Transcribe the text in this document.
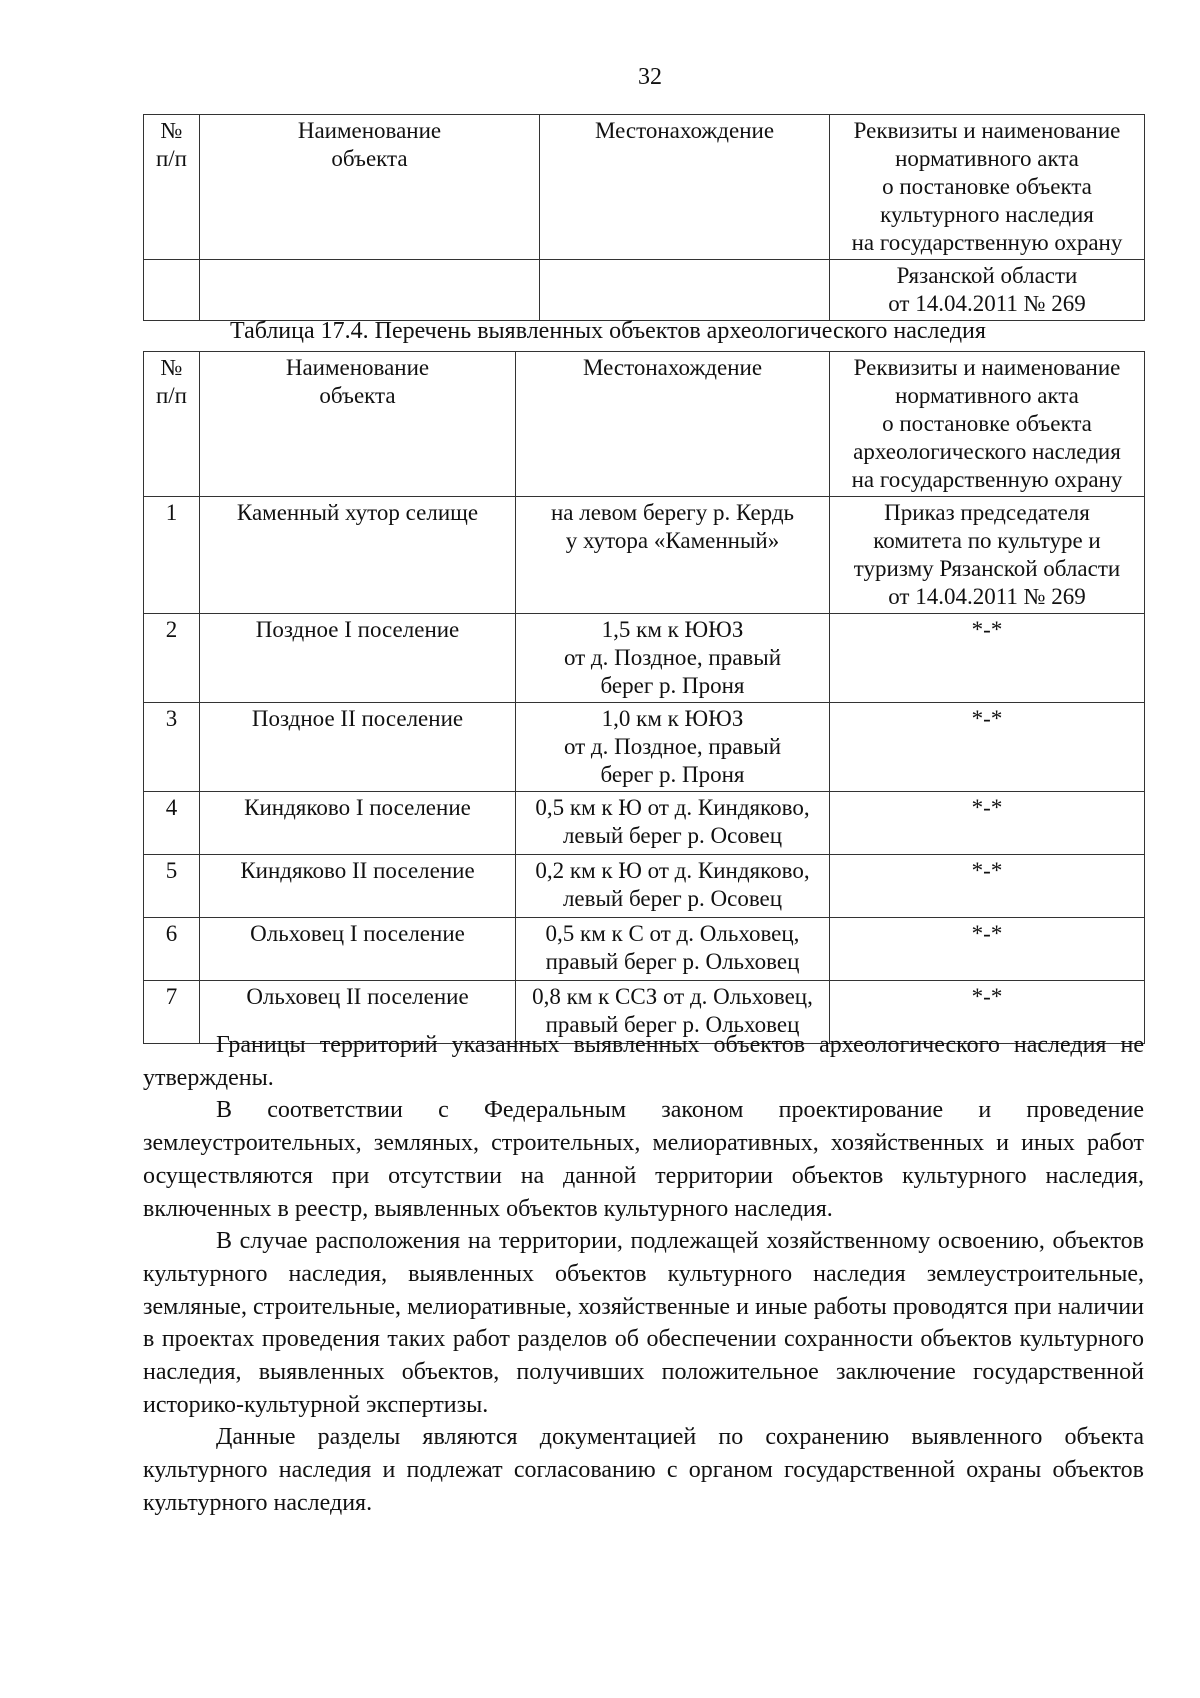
32
№
п/п	Наименование
объекта	Местонахождение	Реквизиты и наименование
нормативного акта
о постановке объекта
культурного наследия
на государственную охрану
			Рязанской области
от 14.04.2011 № 269
Таблица 17.4. Перечень выявленных объектов археологического наследия
№
п/п	Наименование
объекта	Местонахождение	Реквизиты и наименование
нормативного акта
о постановке объекта
археологического наследия
на государственную охрану
1	Каменный хутор селище	на левом берегу р. Кердь
у хутора «Каменный»	Приказ председателя
комитета по культуре и
туризму Рязанской области
от 14.04.2011 № 269
2	Поздное I поселение	1,5 км к ЮЮЗ
от д. Поздное, правый
берег р. Проня	*-*
3	Поздное II поселение	1,0 км к ЮЮЗ
от д. Поздное, правый
берег р. Проня	*-*
4	Киндяково I поселение	0,5 км к Ю от д. Киндяково,
левый берег р. Осовец	*-*
5	Киндяково II поселение	0,2 км к Ю от д. Киндяково,
левый берег р. Осовец	*-*
6	Ольховец I поселение	0,5 км к С от д. Ольховец,
правый берег р. Ольховец	*-*
7	Ольховец II поселение	0,8 км к ССЗ от д. Ольховец,
правый берег р. Ольховец	*-*

Границы территорий указанных выявленных объектов археологического наследия не утверждены.

В соответствии с Федеральным законом проектирование и проведение землеустроительных, земляных, строительных, мелиоративных, хозяйственных и иных работ осуществляются при отсутствии на данной территории объектов культурного наследия, включенных в реестр, выявленных объектов культурного наследия.

В случае расположения на территории, подлежащей хозяйственному освоению, объектов культурного наследия, выявленных объектов культурного наследия землеустроительные, земляные, строительные, мелиоративные, хозяйственные и иные работы проводятся при наличии в проектах проведения таких работ разделов об обеспечении сохранности объектов культурного наследия, выявленных объектов, получивших положительное заключение государственной историко-культурной экспертизы.

Данные разделы являются документацией по сохранению выявленного объекта культурного наследия и подлежат согласованию с органом государственной охраны объектов культурного наследия.
